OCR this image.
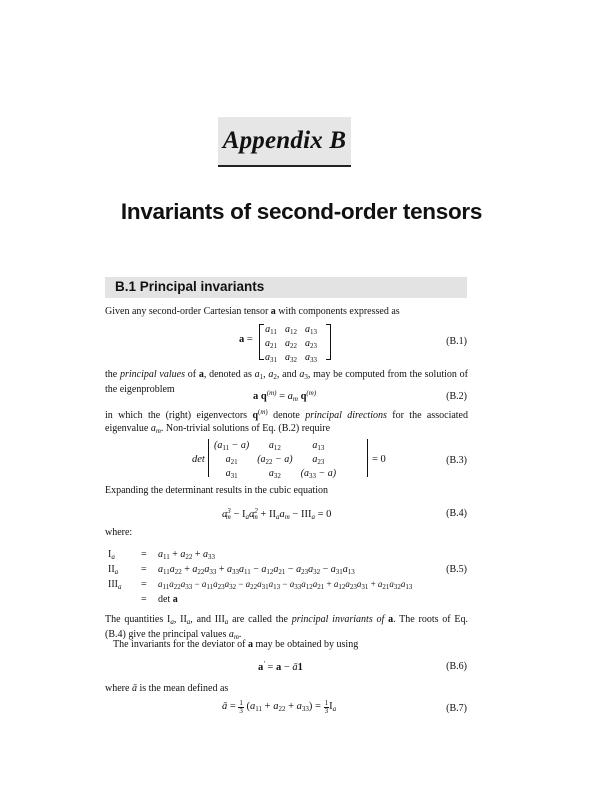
Appendix B
Invariants of second-order tensors
B.1 Principal invariants
Given any second-order Cartesian tensor a with components expressed as
a =
$a_{11}$	$a_{12}$	$a_{13}$
$a_{21}$	$a_{22}$	$a_{23}$
$a_{31}$	$a_{32}$	$a_{33}$
(B.1)
the principal values of a, denoted as $a_1$, $a_2$, and $a_3$, may be computed from the solution of the eigenproblem
a $q^{(m)} = a_m$ $q^{(m)}$	(B.2)
in which the (right) eigenvectors $q^{(m)}$ denote principal directions for the associated eigenvalue $a_m$. Non-trivial solutions of Eq. (B.2) require
det
$(a_{11} - a)$	$a_{12}$	$a_{13}$
$a_{21}$	$(a_{22} - a)$	$a_{23}$
$a_{31}$	$a_{32}$	$(a_{33} - a)$
= 0	(B.3)
Expanding the determinant results in the cubic equation
$a^3_m - I_aa^2_m + II_aa_m - III_a = 0$	(B.4)
where:
$I_a$	= $a_{11} + a_{22} + a_{33}$
$II_a$	= $a_{11}a_{22} + a_{22}a_{33} + a_{33}a_{11} - a_{12}a_{21} - a_{23}a_{32} - a_{31}a_{13}$	(B.5)
$III_a$	= $a_{11}a_{22}a_{33} - a_{11}a_{23}a_{32} - a_{22}a_{31}a_{13} - a_{33}a_{12}a_{21} + a_{12}a_{23}a_{31} + a_{21}a_{32}a_{13}$
= det a
The quantities $I_a$, $II_a$, and $III_a$ are called the principal invariants of a. The roots of Eq. (B.4) give the principal values $a_m$.
The invariants for the deviator of a may be obtained by using
a′ = a − ā1	(B.6)
where ā is the mean defined as
ā = $\frac{1}{3} (a_{11} + a_{22} + a_{33}) = \frac{1}{3} I_a$	(B.7)
